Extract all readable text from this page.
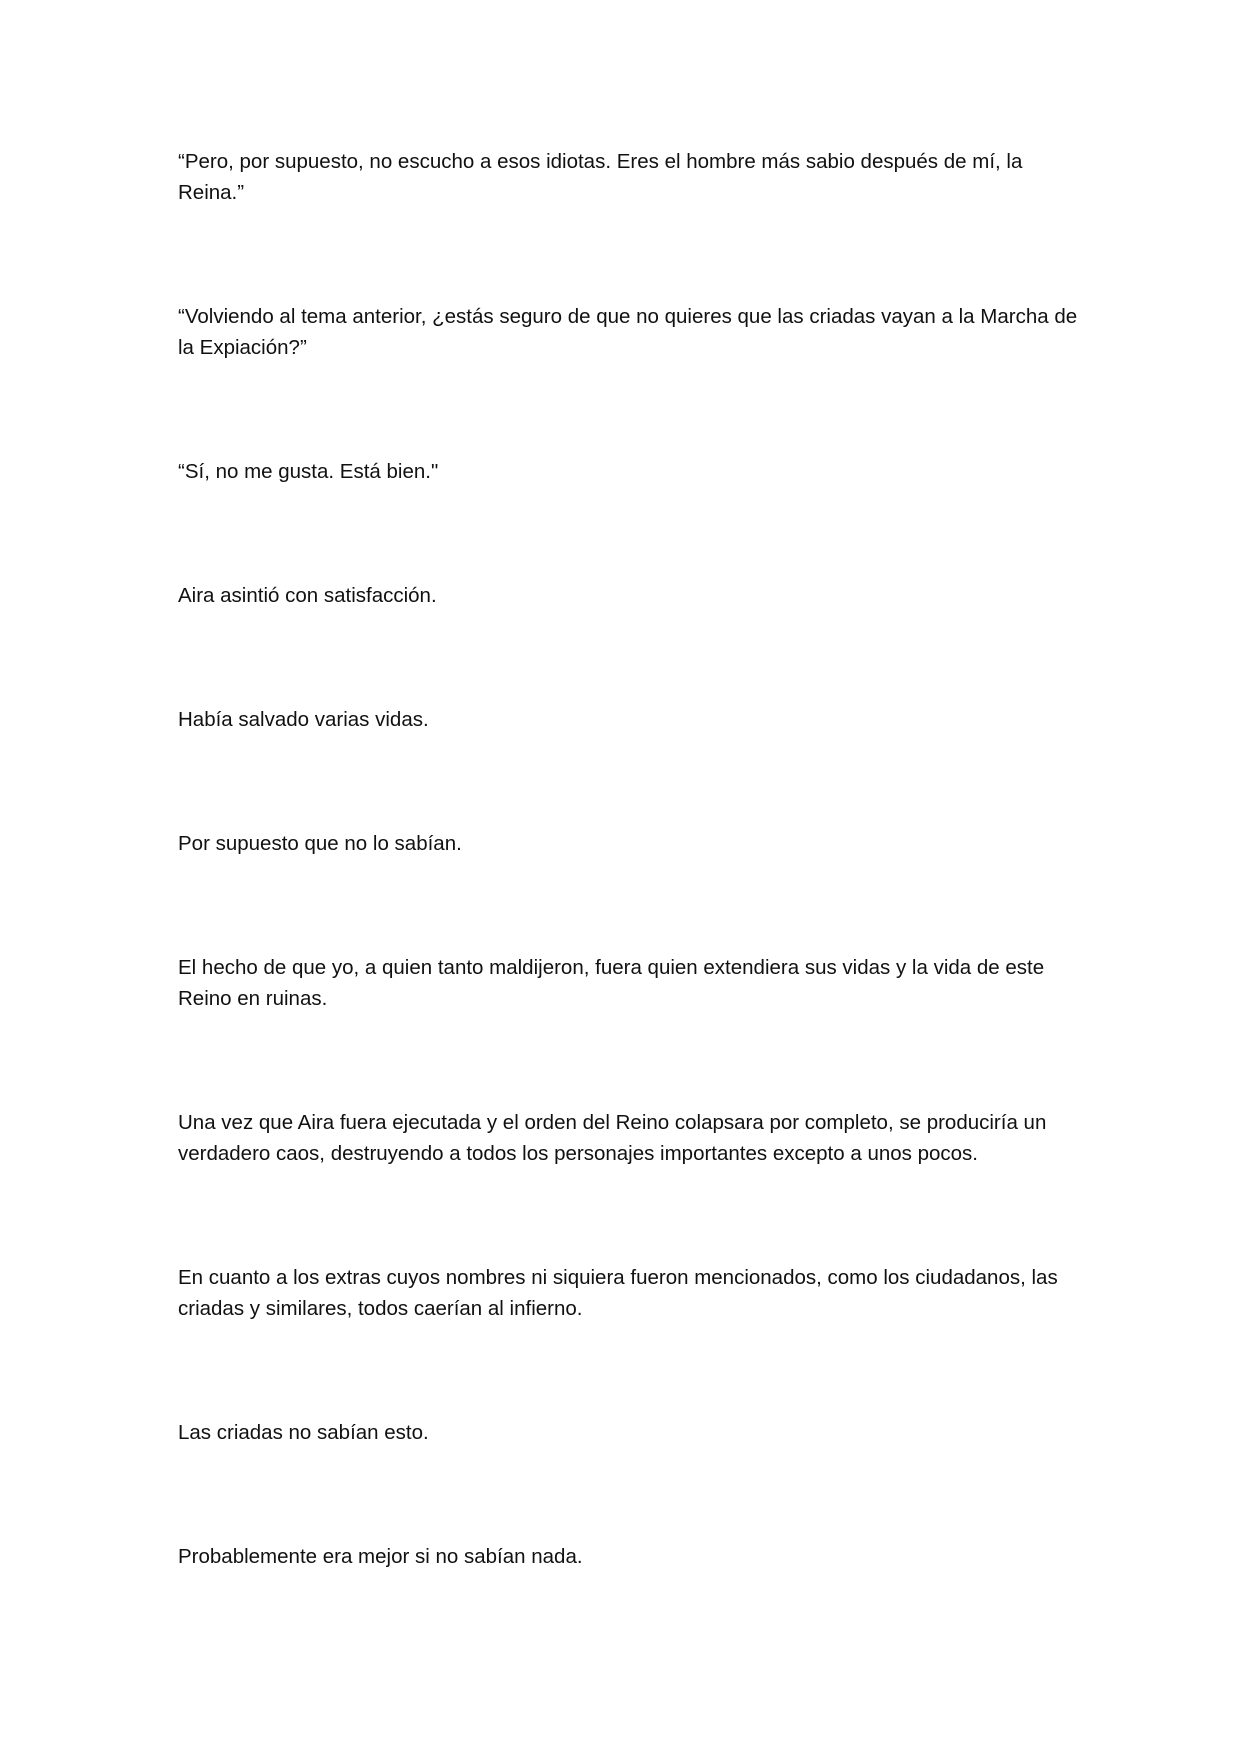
“Pero, por supuesto, no escucho a esos idiotas. Eres el hombre más sabio después de mí, la Reina.”

“Volviendo al tema anterior, ¿estás seguro de que no quieres que las criadas vayan a la Marcha de la Expiación?”

“Sí, no me gusta. Está bien."

Aira asintió con satisfacción.

Había salvado varias vidas.

Por supuesto que no lo sabían.

El hecho de que yo, a quien tanto maldijeron, fuera quien extendiera sus vidas y la vida de este Reino en ruinas.

Una vez que Aira fuera ejecutada y el orden del Reino colapsara por completo, se produciría un verdadero caos, destruyendo a todos los personajes importantes excepto a unos pocos.

En cuanto a los extras cuyos nombres ni siquiera fueron mencionados, como los ciudadanos, las criadas y similares, todos caerían al infierno.

Las criadas no sabían esto.

Probablemente era mejor si no sabían nada.
